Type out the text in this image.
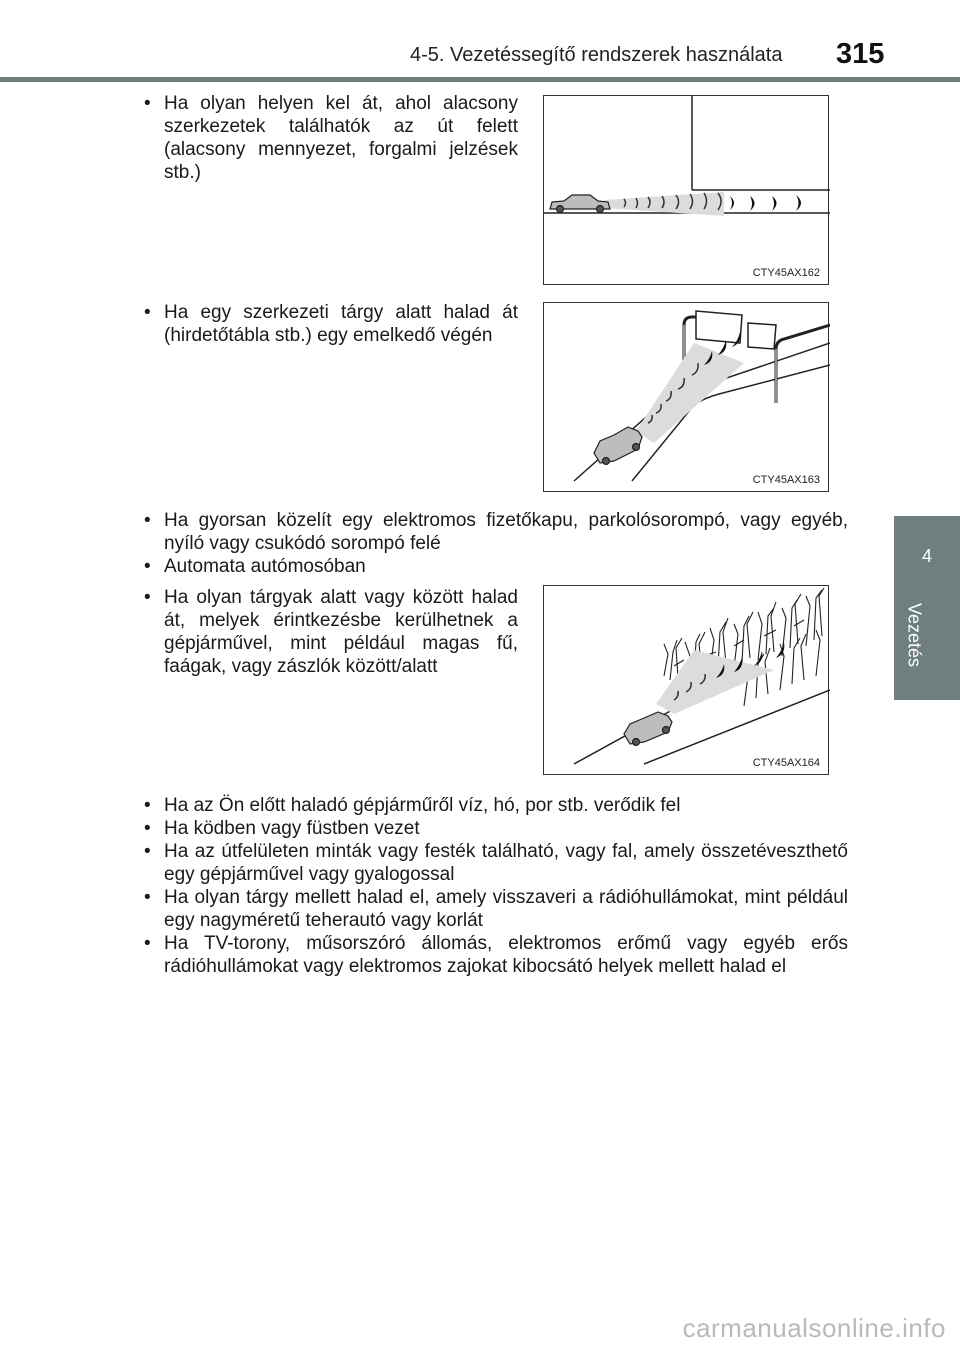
4-5. Vezetéssegítő rendszerek használata 315
4
Vezetés
• Ha olyan helyen kel át, ahol alacsony szerkezetek találhatók az út felett (alacsony mennyezet, forgalmi jelzések stb.)
• Ha egy szerkezeti tárgy alatt halad át (hirdetőtábla stb.) egy emelkedő végén
CTY45AX162
CTY45AX163
• Ha gyorsan közelít egy elektromos fizetőkapu, parkolósorompó, vagy egyéb, nyíló vagy csukódó sorompó felé
• Automata autómosóban
• Ha olyan tárgyak alatt vagy között halad át, melyek érintkezésbe kerülhetnek a gépjárművel, mint például magas fű, faágak, vagy zászlók között/alatt
CTY45AX164
• Ha az Ön előtt haladó gépjárműről víz, hó, por stb. verődik fel
• Ha ködben vagy füstben vezet
• Ha az útfelületen minták vagy festék található, vagy fal, amely összetéveszthető egy gépjárművel vagy gyalogossal
• Ha olyan tárgy mellett halad el, amely visszaveri a rádióhullámokat, mint például egy nagyméretű teherautó vagy korlát
• Ha TV-torony, műsorszóró állomás, elektromos erőmű vagy egyéb erős rádióhullámokat vagy elektromos zajokat kibocsátó helyek mellett halad el
carmanualsonline.info
